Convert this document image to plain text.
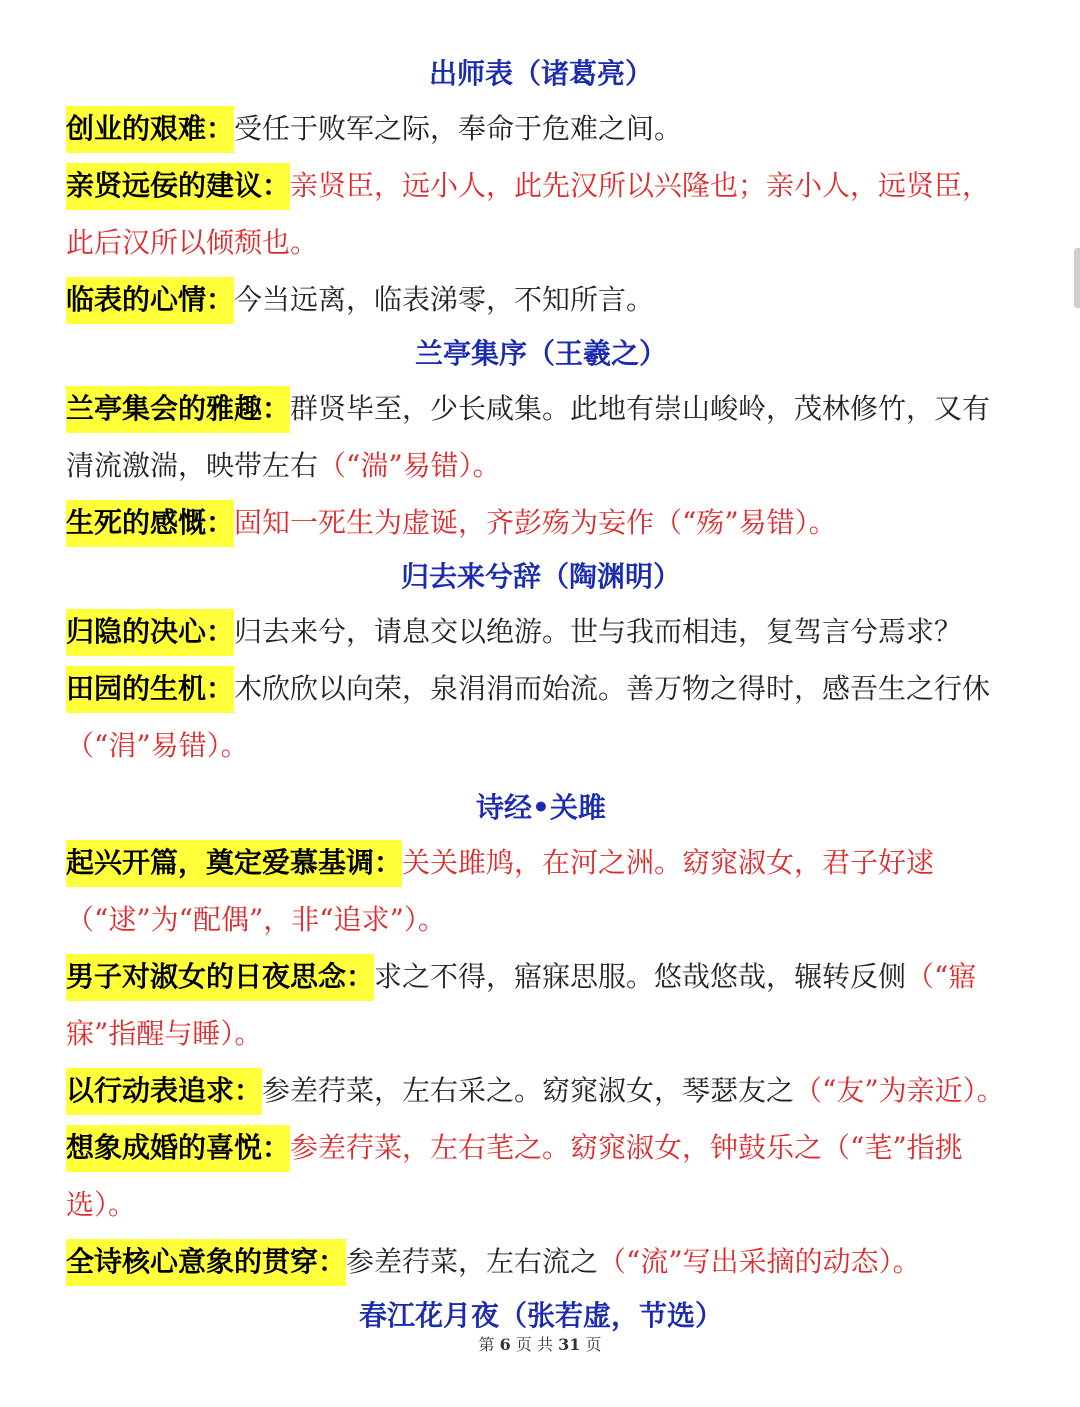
出师表（诸葛亮）
创业的艰难：受任于败军之际，奉命于危难之间。
亲贤远佞的建议：亲贤臣，远小人，此先汉所以兴隆也；亲小人，远贤臣，此后汉所以倾颓也。
临表的心情：今当远离，临表涕零，不知所言。
兰亭集序（王羲之）
兰亭集会的雅趣：群贤毕至，少长咸集。此地有崇山峻岭，茂林修竹，又有清流激湍，映带左右（“湍”易错）。
生死的感慨：固知一死生为虚诞，齐彭殇为妄作（“殇”易错）。
归去来兮辞（陶渊明）
归隐的决心：归去来兮，请息交以绝游。世与我而相违，复驾言兮焉求？
田园的生机：木欣欣以向荣，泉涓涓而始流。善万物之得时，感吾生之行休（“涓”易错）。
诗经•关雎
起兴开篇，奠定爱慕基调：关关雎鸠，在河之洲。窈窕淑女，君子好逑（“逑”为“配偶”，非“追求”）。
男子对淑女的日夜思念：求之不得，寤寐思服。悠哉悠哉，辗转反侧（“寤寐”指醒与睡）。
以行动表追求：参差荇菜，左右采之。窈窕淑女，琴瑟友之（“友”为亲近）。
想象成婚的喜悦：参差荇菜，左右芼之。窈窕淑女，钟鼓乐之（“芼”指挑选）。
全诗核心意象的贯穿：参差荇菜，左右流之（“流”写出采摘的动态）。
春江花月夜（张若虚，节选）
第 6 页 共 31 页
